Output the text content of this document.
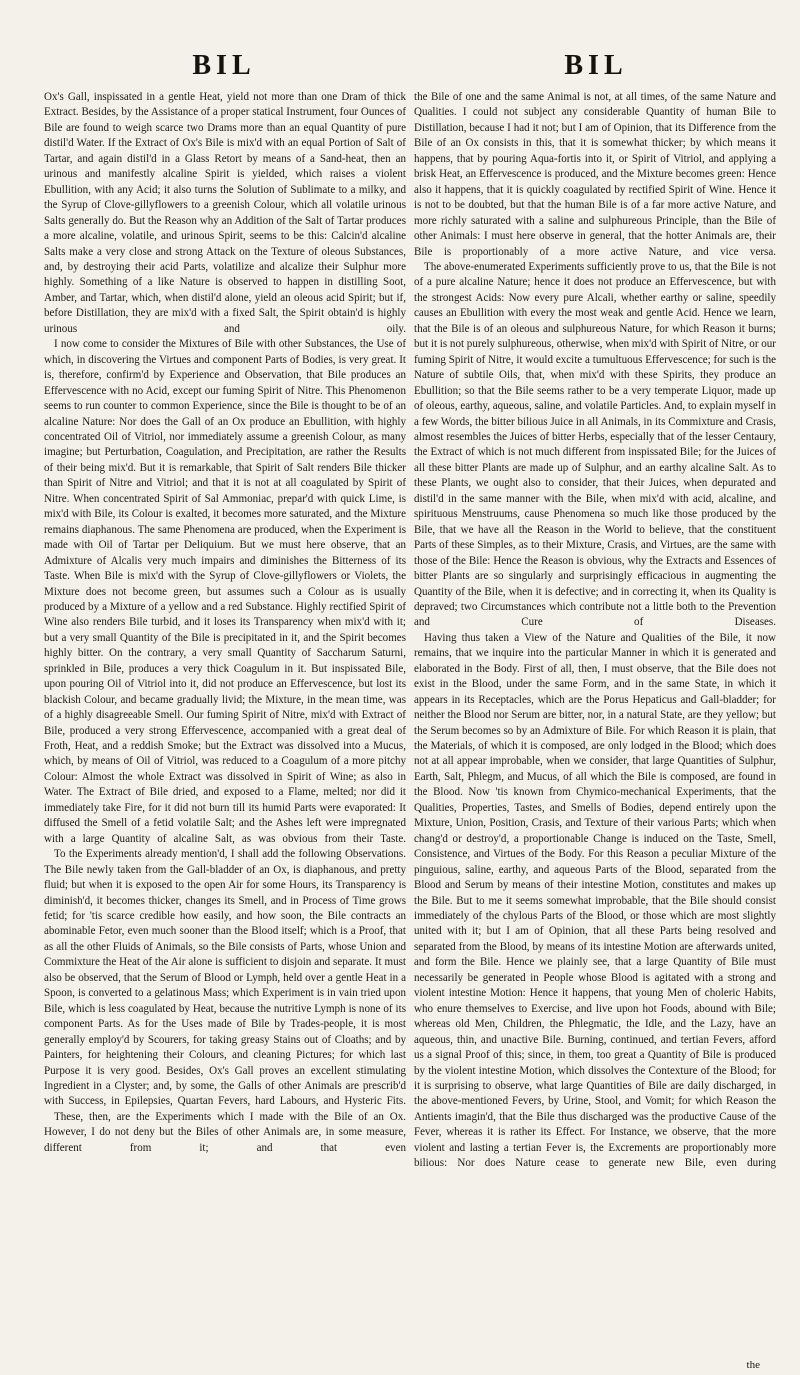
BIL	BIL

Ox's Gall, inspissated in a gentle Heat, yield not more than one Dram of thick Extract. Besides, by the Assistance of a proper statical Instrument, four Ounces of Bile are found to weigh scarce two Drams more than an equal Quantity of pure distil'd Water. If the Extract of Ox's Bile is mix'd with an equal Portion of Salt of Tartar, and again distil'd in a Glass Retort by means of a Sand-heat, then an urinous and manifestly alcaline Spirit is yielded, which raises a violent Ebullition, with any Acid; it also turns the Solution of Sublimate to a milky, and the Syrup of Clove-gillyflowers to a greenish Colour, which all volatile urinous Salts generally do. But the Reason why an Addition of the Salt of Tartar produces a more alcaline, volatile, and urinous Spirit, seems to be this: Calcin'd alcaline Salts make a very close and strong Attack on the Texture of oleous Substances, and, by destroying their acid Parts, volatilize and alcalize their Sulphur more highly. Something of a like Nature is observed to happen in distilling Soot, Amber, and Tartar, which, when distil'd alone, yield an oleous acid Spirit; but if, before Distillation, they are mix'd with a fixed Salt, the Spirit obtain'd is highly urinous and oily.

I now come to consider the Mixtures of Bile with other Substances, the Use of which, in discovering the Virtues and component Parts of Bodies, is very great. It is, therefore, confirm'd by Experience and Observation, that Bile produces an Effervescence with no Acid, except our fuming Spirit of Nitre. This Phenomenon seems to run counter to common Experience, since the Bile is thought to be of an alcaline Nature: Nor does the Gall of an Ox produce an Ebullition, with highly concentrated Oil of Vitriol, nor immediately assume a greenish Colour, as many imagine; but Perturbation, Coagulation, and Precipitation, are rather the Results of their being mix'd. But it is remarkable, that Spirit of Salt renders Bile thicker than Spirit of Nitre and Vitriol; and that it is not at all coagulated by Spirit of Nitre. When concentrated Spirit of Sal Ammoniac, prepar'd with quick Lime, is mix'd with Bile, its Colour is exalted, it becomes more saturated, and the Mixture remains diaphanous. The same Phenomena are produced, when the Experiment is made with Oil of Tartar per Deliquium. But we must here observe, that an Admixture of Alcalis very much impairs and diminishes the Bitterness of its Taste. When Bile is mix'd with the Syrup of Clove-gillyflowers or Violets, the Mixture does not become green, but assumes such a Colour as is usually produced by a Mixture of a yellow and a red Substance. Highly rectified Spirit of Wine also renders Bile turbid, and it loses its Transparency when mix'd with it; but a very small Quantity of the Bile is precipitated in it, and the Spirit becomes highly bitter. On the contrary, a very small Quantity of Saccharum Saturni, sprinkled in Bile, produces a very thick Coagulum in it. But inspissated Bile, upon pouring Oil of Vitriol into it, did not produce an Effervescence, but lost its blackish Colour, and became gradually livid; the Mixture, in the mean time, was of a highly disagreeable Smell. Our fuming Spirit of Nitre, mix'd with Extract of Bile, produced a very strong Effervescence, accompanied with a great deal of Froth, Heat, and a reddish Smoke; but the Extract was dissolved into a Mucus, which, by means of Oil of Vitriol, was reduced to a Coagulum of a more pitchy Colour: Almost the whole Extract was dissolved in Spirit of Wine; as also in Water. The Extract of Bile dried, and exposed to a Flame, melted; nor did it immediately take Fire, for it did not burn till its humid Parts were evaporated: It diffused the Smell of a fetid volatile Salt; and the Ashes left were impregnated with a large Quantity of alcaline Salt, as was obvious from their Taste.

To the Experiments already mention'd, I shall add the following Observations. The Bile newly taken from the Gall-bladder of an Ox, is diaphanous, and pretty fluid; but when it is exposed to the open Air for some Hours, its Transparency is diminish'd, it becomes thicker, changes its Smell, and in Process of Time grows fetid; for 'tis scarce credible how easily, and how soon, the Bile contracts an abominable Fetor, even much sooner than the Blood itself; which is a Proof, that as all the other Fluids of Animals, so the Bile consists of Parts, whose Union and Commixture the Heat of the Air alone is sufficient to disjoin and separate. It must also be observed, that the Serum of Blood or Lymph, held over a gentle Heat in a Spoon, is converted to a gelatinous Mass; which Experiment is in vain tried upon Bile, which is less coagulated by Heat, because the nutritive Lymph is none of its component Parts. As for the Uses made of Bile by Trades-people, it is most generally employ'd by Scourers, for taking greasy Stains out of Cloaths; and by Painters, for heightening their Colours, and cleaning Pictures; for which last Purpose it is very good. Besides, Ox's Gall proves an excellent stimulating Ingredient in a Clyster; and, by some, the Galls of other Animals are prescrib'd with Success, in Epilepsies, Quartan Fevers, hard Labours, and Hysteric Fits.

These, then, are the Experiments which I made with the Bile of an Ox. However, I do not deny but the Biles of other Animals are, in some measure, different from it; and that even

the Bile of one and the same Animal is not, at all times, of the same Nature and Qualities. I could not subject any considerable Quantity of human Bile to Distillation, because I had it not; but I am of Opinion, that its Difference from the Bile of an Ox consists in this, that it is somewhat thicker; by which means it happens, that by pouring Aqua-fortis into it, or Spirit of Vitriol, and applying a brisk Heat, an Effervescence is produced, and the Mixture becomes green: Hence also it happens, that it is quickly coagulated by rectified Spirit of Wine. Hence it is not to be doubted, but that the human Bile is of a far more active Nature, and more richly saturated with a saline and sulphureous Principle, than the Bile of other Animals: I must here observe in general, that the hotter Animals are, their Bile is proportionably of a more active Nature, and vice versa.

The above-enumerated Experiments sufficiently prove to us, that the Bile is not of a pure alcaline Nature; hence it does not produce an Effervescence, but with the strongest Acids: Now every pure Alcali, whether earthy or saline, speedily causes an Ebullition with every the most weak and gentle Acid. Hence we learn, that the Bile is of an oleous and sulphureous Nature, for which Reason it burns; but it is not purely sulphureous, otherwise, when mix'd with Spirit of Nitre, or our fuming Spirit of Nitre, it would excite a tumultuous Effervescence; for such is the Nature of subtile Oils, that, when mix'd with these Spirits, they produce an Ebullition; so that the Bile seems rather to be a very temperate Liquor, made up of oleous, earthy, aqueous, saline, and volatile Particles. And, to explain myself in a few Words, the bitter bilious Juice in all Animals, in its Commixture and Crasis, almost resembles the Juices of bitter Herbs, especially that of the lesser Centaury, the Extract of which is not much different from inspissated Bile; for the Juices of all these bitter Plants are made up of Sulphur, and an earthy alcaline Salt. As to these Plants, we ought also to consider, that their Juices, when depurated and distil'd in the same manner with the Bile, when mix'd with acid, alcaline, and spirituous Menstruums, cause Phenomena so much like those produced by the Bile, that we have all the Reason in the World to believe, that the constituent Parts of these Simples, as to their Mixture, Crasis, and Virtues, are the same with those of the Bile: Hence the Reason is obvious, why the Extracts and Essences of bitter Plants are so singularly and surprisingly efficacious in augmenting the Quantity of the Bile, when it is defective; and in correcting it, when its Quality is depraved; two Circumstances which contribute not a little both to the Prevention and Cure of Diseases.

Having thus taken a View of the Nature and Qualities of the Bile, it now remains, that we inquire into the particular Manner in which it is generated and elaborated in the Body. First of all, then, I must observe, that the Bile does not exist in the Blood, under the same Form, and in the same State, in which it appears in its Receptacles, which are the Porus Hepaticus and Gall-bladder; for neither the Blood nor Serum are bitter, nor, in a natural State, are they yellow; but the Serum becomes so by an Admixture of Bile. For which Reason it is plain, that the Materials, of which it is composed, are only lodged in the Blood; which does not at all appear improbable, when we consider, that large Quantities of Sulphur, Earth, Salt, Phlegm, and Mucus, of all which the Bile is composed, are found in the Blood. Now 'tis known from Chymico-mechanical Experiments, that the Qualities, Properties, Tastes, and Smells of Bodies, depend entirely upon the Mixture, Union, Position, Crasis, and Texture of their various Parts; which when chang'd or destroy'd, a proportionable Change is induced on the Taste, Smell, Consistence, and Virtues of the Body. For this Reason a peculiar Mixture of the pinguious, saline, earthy, and aqueous Parts of the Blood, separated from the Blood and Serum by means of their intestine Motion, constitutes and makes up the Bile. But to me it seems somewhat improbable, that the Bile should consist immediately of the chylous Parts of the Blood, or those which are most slightly united with it; but I am of Opinion, that all these Parts being resolved and separated from the Blood, by means of its intestine Motion are afterwards united, and form the Bile. Hence we plainly see, that a large Quantity of Bile must necessarily be generated in People whose Blood is agitated with a strong and violent intestine Motion: Hence it happens, that young Men of choleric Habits, who enure themselves to Exercise, and live upon hot Foods, abound with Bile; whereas old Men, Children, the Phlegmatic, the Idle, and the Lazy, have an aqueous, thin, and unactive Bile. Burning, continued, and tertian Fevers, afford us a signal Proof of this; since, in them, too great a Quantity of Bile is produced by the violent intestine Motion, which dissolves the Contexture of the Blood; for it is surprising to observe, what large Quantities of Bile are daily discharged, in the above-mentioned Fevers, by Urine, Stool, and Vomit; for which Reason the Antients imagin'd, that the Bile thus discharged was the productive Cause of the Fever, whereas it is rather its Effect. For Instance, we observe, that the more violent and lasting a tertian Fever is, the Excrements are proportionably more bilious: Nor does Nature cease to generate new Bile, even during

the
